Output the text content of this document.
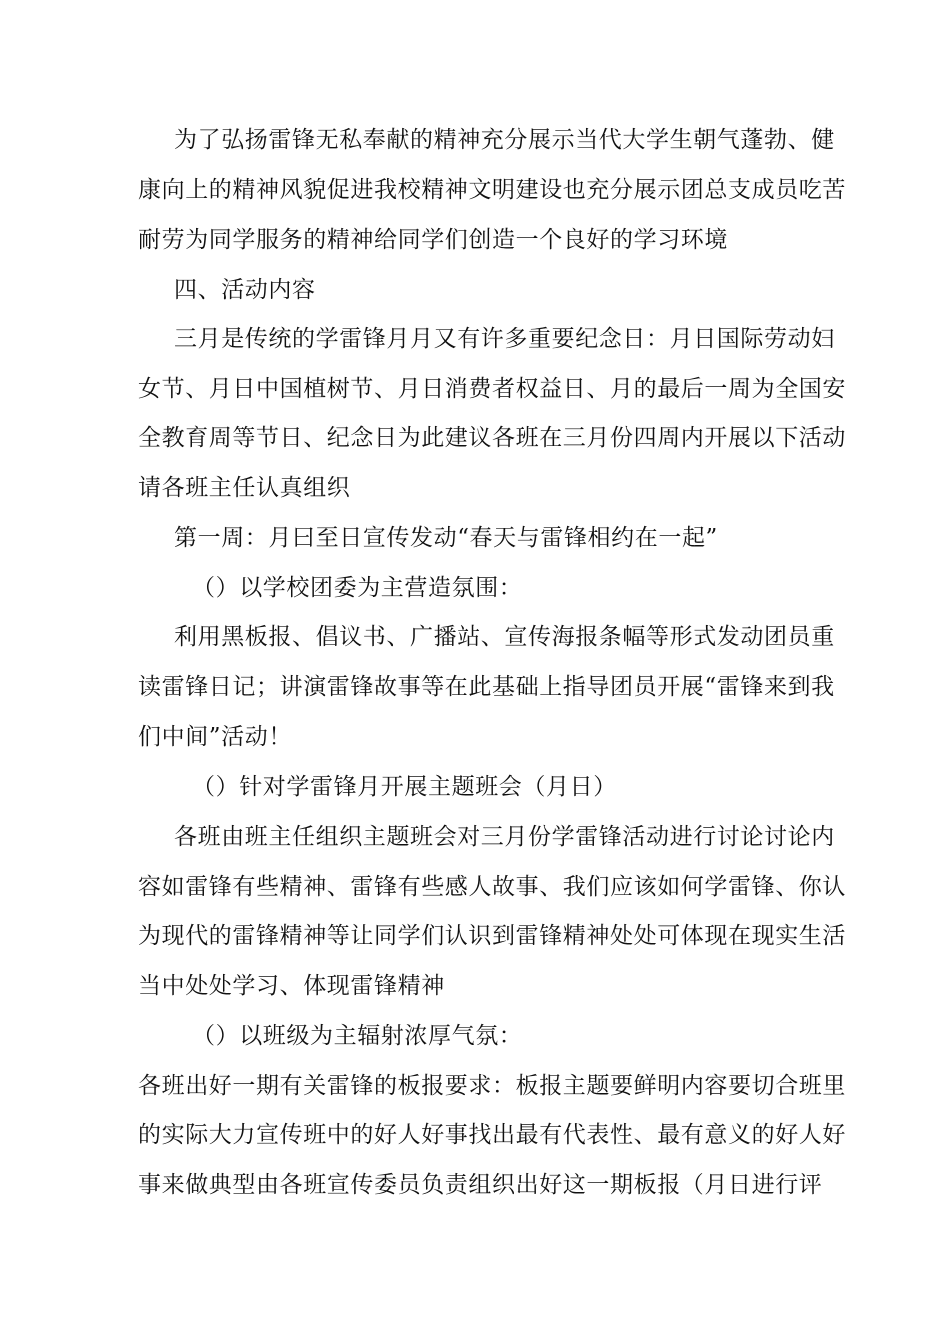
为了弘扬雷锋无私奉献的精神充分展示当代大学生朝气蓬勃、健
康向上的精神风貌促进我校精神文明建设也充分展示团总支成员吃苦
耐劳为同学服务的精神给同学们创造一个良好的学习环境
四、活动内容
三月是传统的学雷锋月月又有许多重要纪念日：月日国际劳动妇
女节、月日中国植树节、月日消费者权益日、月的最后一周为全国安
全教育周等节日、纪念日为此建议各班在三月份四周内开展以下活动
请各班主任认真组织
第一周：月曰至日宣传发动“春天与雷锋相约在一起”
（）以学校团委为主营造氛围：
利用黑板报、倡议书、广播站、宣传海报条幅等形式发动团员重
读雷锋日记；讲演雷锋故事等在此基础上指导团员开展“雷锋来到我
们中间”活动！
（）针对学雷锋月开展主题班会（月日）
各班由班主任组织主题班会对三月份学雷锋活动进行讨论讨论内
容如雷锋有些精神、雷锋有些感人故事、我们应该如何学雷锋、你认
为现代的雷锋精神等让同学们认识到雷锋精神处处可体现在现实生活
当中处处学习、体现雷锋精神
（）以班级为主辐射浓厚气氛：
各班出好一期有关雷锋的板报要求：板报主题要鲜明内容要切合班里
的实际大力宣传班中的好人好事找出最有代表性、最有意义的好人好
事来做典型由各班宣传委员负责组织出好这一期板报（月日进行评
